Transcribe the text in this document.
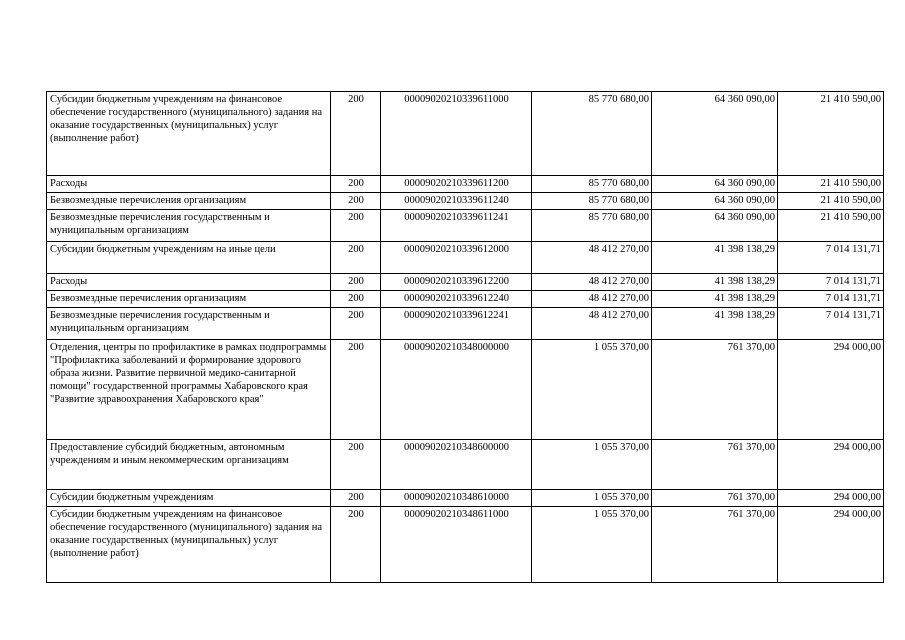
Субсидии бюджетным учреждениям на финансовое обеспечение государственного (муниципального) задания на оказание государственных (муниципальных) услуг (выполнение работ)	200	00009020210339611000	85 770 680,00	64 360 090,00	21 410 590,00
Расходы	200	00009020210339611200	85 770 680,00	64 360 090,00	21 410 590,00
Безвозмездные перечисления организациям	200	00009020210339611240	85 770 680,00	64 360 090,00	21 410 590,00
Безвозмездные перечисления государственным и муниципальным организациям	200	00009020210339611241	85 770 680,00	64 360 090,00	21 410 590,00
Субсидии бюджетным учреждениям на иные цели	200	00009020210339612000	48 412 270,00	41 398 138,29	7 014 131,71
Расходы	200	00009020210339612200	48 412 270,00	41 398 138,29	7 014 131,71
Безвозмездные перечисления организациям	200	00009020210339612240	48 412 270,00	41 398 138,29	7 014 131,71
Безвозмездные перечисления государственным и муниципальным организациям	200	00009020210339612241	48 412 270,00	41 398 138,29	7 014 131,71
Отделения, центры по профилактике в рамках подпрограммы "Профилактика заболеваний и формирование здорового образа жизни. Развитие первичной медико-санитарной помощи" государственной программы Хабаровского края "Развитие здравоохранения Хабаровского края"	200	00009020210348000000	1 055 370,00	761 370,00	294 000,00
Предоставление субсидий бюджетным, автономным учреждениям и иным некоммерческим организациям	200	00009020210348600000	1 055 370,00	761 370,00	294 000,00
Субсидии бюджетным учреждениям	200	00009020210348610000	1 055 370,00	761 370,00	294 000,00
Субсидии бюджетным учреждениям на финансовое обеспечение государственного (муниципального) задания на оказание государственных (муниципальных) услуг (выполнение работ)	200	00009020210348611000	1 055 370,00	761 370,00	294 000,00
